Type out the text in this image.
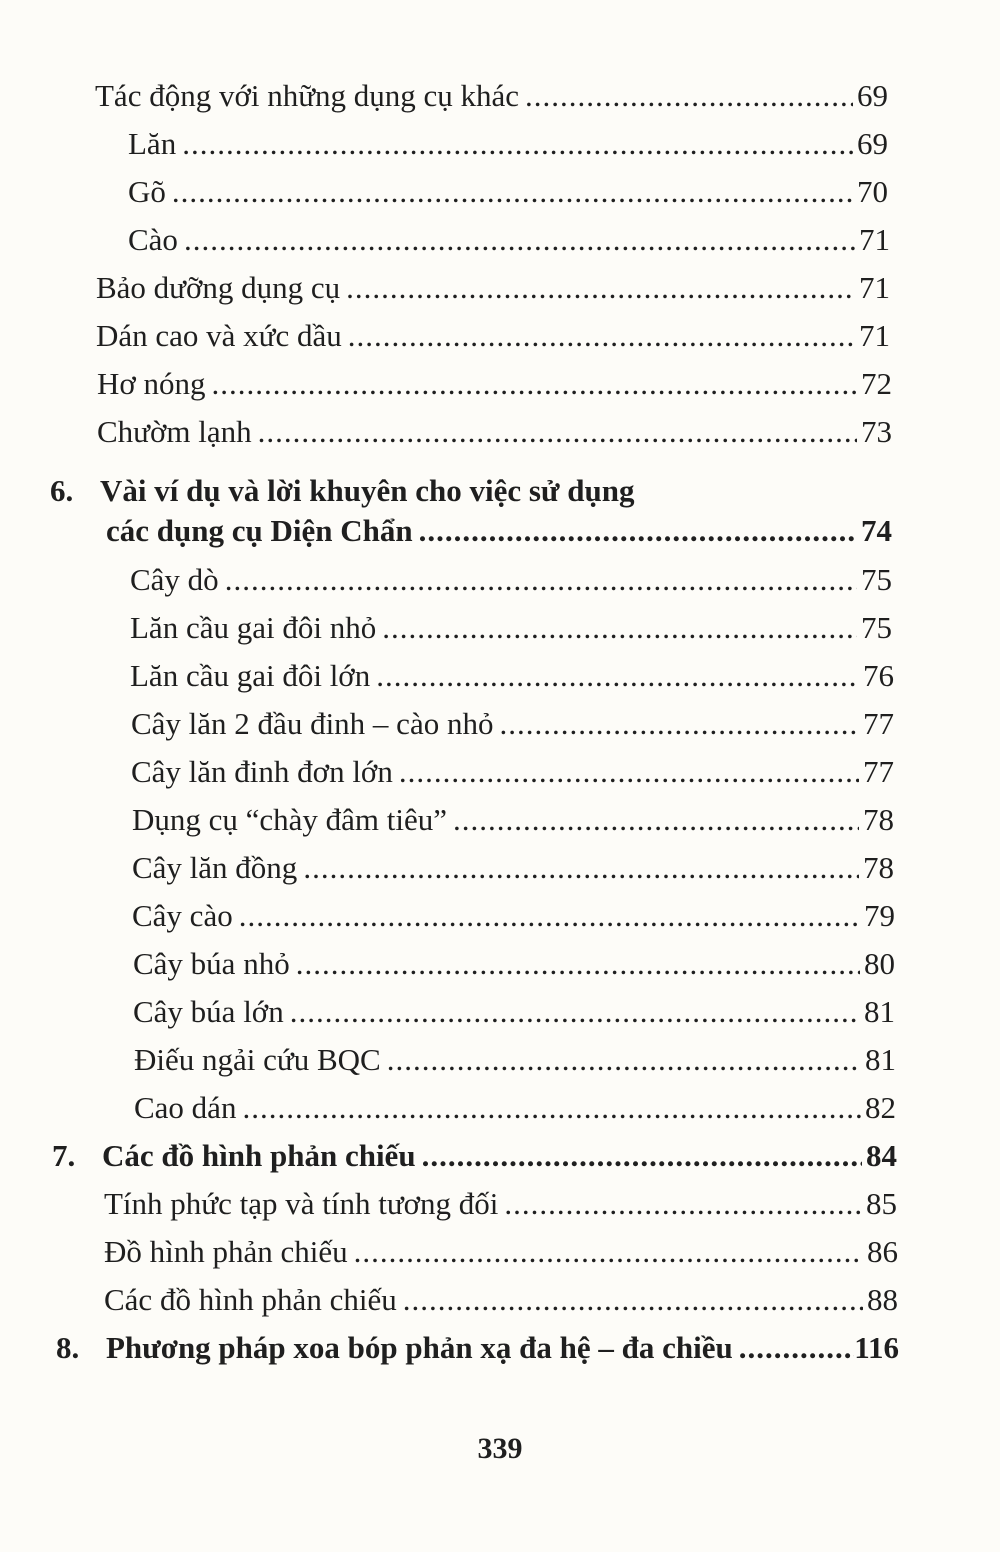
Tác động với những dụng cụ khác .....	69
Lăn .....	69
Gõ .....	70
Cào .....	71
Bảo dưỡng dụng cụ .....	71
Dán cao và xức dầu .....	71
Hơ nóng .....	72
Chườm lạnh .....	73
6. Vài ví dụ và lời khuyên cho việc sử dụng
các dụng cụ Diện Chẩn .....	74
Cây dò .....	75
Lăn cầu gai đôi nhỏ .....	75
Lăn cầu gai đôi lớn .....	76
Cây lăn 2 đầu đinh – cào nhỏ .....	77
Cây lăn đinh đơn lớn .....	77
Dụng cụ “chày đâm tiêu” .....	78
Cây lăn đồng .....	78
Cây cào .....	79
Cây búa nhỏ .....	80
Cây búa lớn .....	81
Điếu ngải cứu BQC .....	81
Cao dán .....	82
7. Các đồ hình phản chiếu .....	84
Tính phức tạp và tính tương đối .....	85
Đồ hình phản chiếu .....	86
Các đồ hình phản chiếu .....	88
8. Phương pháp xoa bóp phản xạ đa hệ – đa chiều .....	116
339
